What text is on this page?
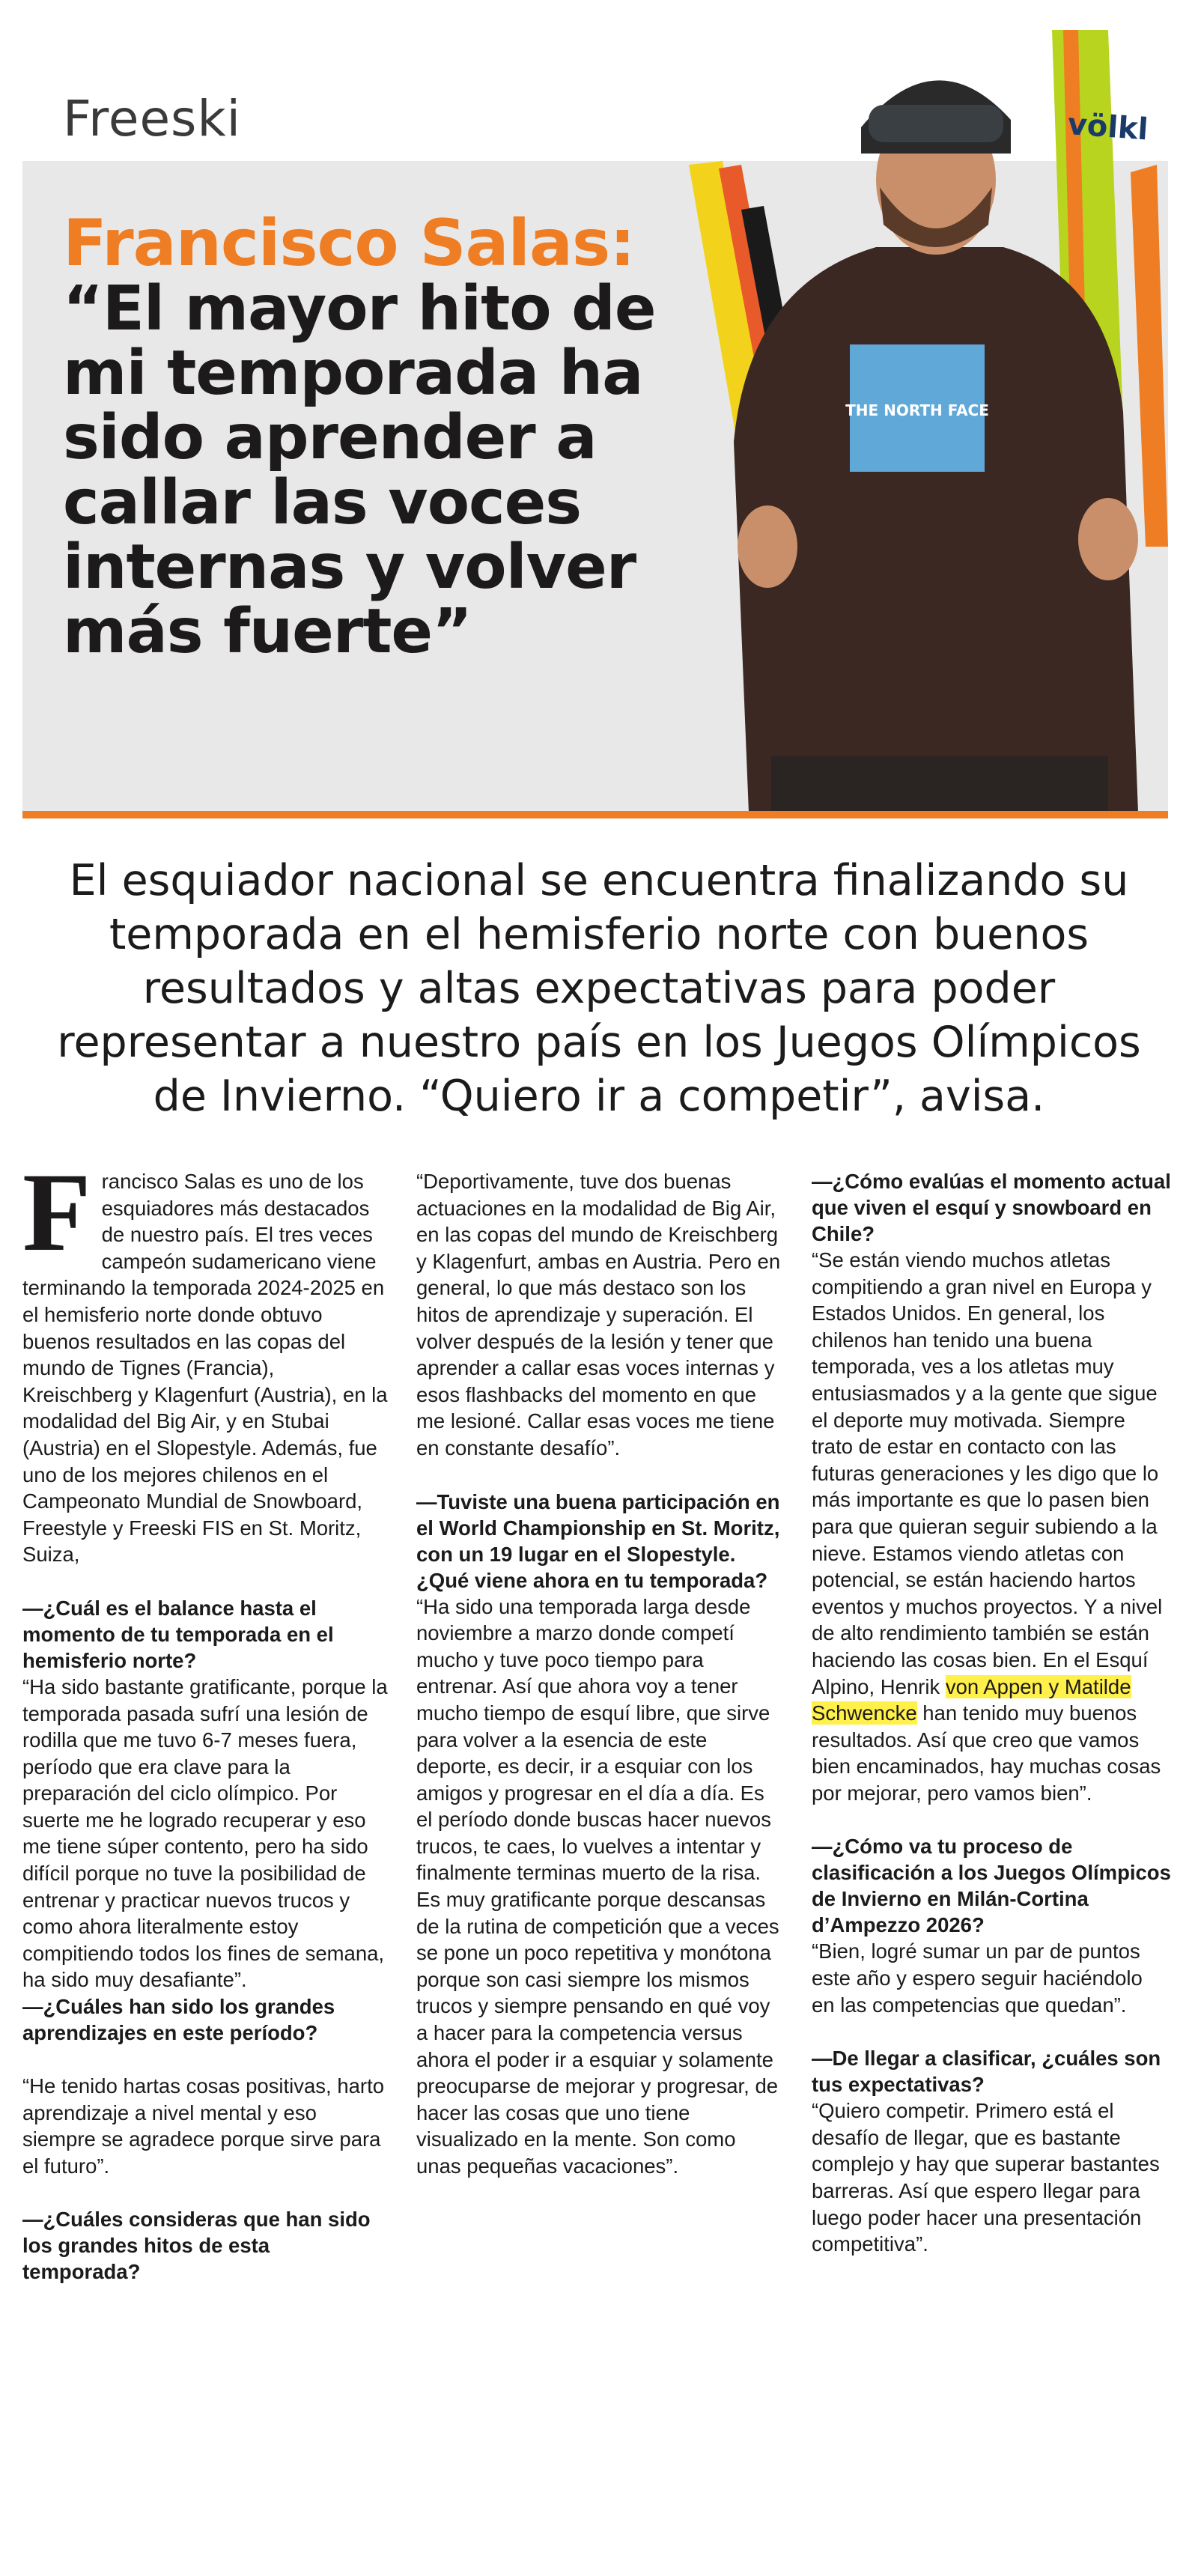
Freeski
Francisco Salas:
“El mayor hito de mi temporada ha sido aprender a callar las voces internas y volver más fuerte”
völkl
THE NORTH FACE

El esquiador nacional se encuentra finalizando su temporada en el hemisferio norte con buenos resultados y altas expectativas para poder representar a nuestro país en los Juegos Olímpicos de Invierno. “Quiero ir a competir”, avisa.

Francisco Salas es uno de los esquiadores más destacados de nuestro país. El tres veces campeón sudamericano viene terminando la temporada 2024-2025 en el hemisferio norte donde obtuvo buenos resultados en las copas del mundo de Tignes (Francia), Kreischberg y Klagenfurt (Austria), en la modalidad del Big Air, y en Stubai (Austria) en el Slopestyle. Además, fue uno de los mejores chilenos en el Campeonato Mundial de Snowboard, Freestyle y Freeski FIS en St. Moritz, Suiza,

—¿Cuál es el balance hasta el momento de tu temporada en el hemisferio norte?

“Ha sido bastante gratificante, porque la temporada pasada sufrí una lesión de rodilla que me tuvo 6-7 meses fuera, período que era clave para la preparación del ciclo olímpico. Por suerte me he logrado recuperar y eso me tiene súper contento, pero ha sido difícil porque no tuve la posibilidad de entrenar y practicar nuevos trucos y como ahora literalmente estoy compitiendo todos los fines de semana, ha sido muy desafiante”.

—¿Cuáles han sido los grandes aprendizajes en este período?

“He tenido hartas cosas positivas, harto aprendizaje a nivel mental y eso siempre se agradece porque sirve para el futuro”.

—¿Cuáles consideras que han sido los grandes hitos de esta temporada?

“Deportivamente, tuve dos buenas actuaciones en la modalidad de Big Air, en las copas del mundo de Kreischberg y Klagenfurt, ambas en Austria. Pero en general, lo que más destaco son los hitos de aprendizaje y superación. El volver después de la lesión y tener que aprender a callar esas voces internas y esos flashbacks del momento en que me lesioné. Callar esas voces me tiene en constante desafío”.

—Tuviste una buena participación en el World Championship en St. Moritz, con un 19 lugar en el Slopestyle. ¿Qué viene ahora en tu temporada?

“Ha sido una temporada larga desde noviembre a marzo donde competí mucho y tuve poco tiempo para entrenar. Así que ahora voy a tener mucho tiempo de esquí libre, que sirve para volver a la esencia de este deporte, es decir, ir a esquiar con los amigos y progresar en el día a día. Es el período donde buscas hacer nuevos trucos, te caes, lo vuelves a intentar y finalmente terminas muerto de la risa. Es muy gratificante porque descansas de la rutina de competición que a veces se pone un poco repetitiva y monótona porque son casi siempre los mismos trucos y siempre pensando en qué voy a hacer para la competencia versus ahora el poder ir a esquiar y solamente preocuparse de mejorar y progresar, de hacer las cosas que uno tiene visualizado en la mente. Son como unas pequeñas vacaciones”.

—¿Cómo evalúas el momento actual que viven el esquí y snowboard en Chile?

“Se están viendo muchos atletas compitiendo a gran nivel en Europa y Estados Unidos. En general, los chilenos han tenido una buena temporada, ves a los atletas muy entusiasmados y a la gente que sigue el deporte muy motivada. Siempre trato de estar en contacto con las futuras generaciones y les digo que lo más importante es que lo pasen bien para que quieran seguir subiendo a la nieve. Estamos viendo atletas con potencial, se están haciendo hartos eventos y muchos proyectos. Y a nivel de alto rendimiento también se están haciendo las cosas bien. En el Esquí Alpino, Henrik von Appen y Matilde Schwencke han tenido muy buenos resultados. Así que creo que vamos bien encaminados, hay muchas cosas por mejorar, pero vamos bien”.

—¿Cómo va tu proceso de clasificación a los Juegos Olímpicos de Invierno en Milán-Cortina d’Ampezzo 2026?

“Bien, logré sumar un par de puntos este año y espero seguir haciéndolo en las competencias que quedan”.

—De llegar a clasificar, ¿cuáles son tus expectativas?

“Quiero competir. Primero está el desafío de llegar, que es bastante complejo y hay que superar bastantes barreras. Así que espero llegar para luego poder hacer una presentación competitiva”.
